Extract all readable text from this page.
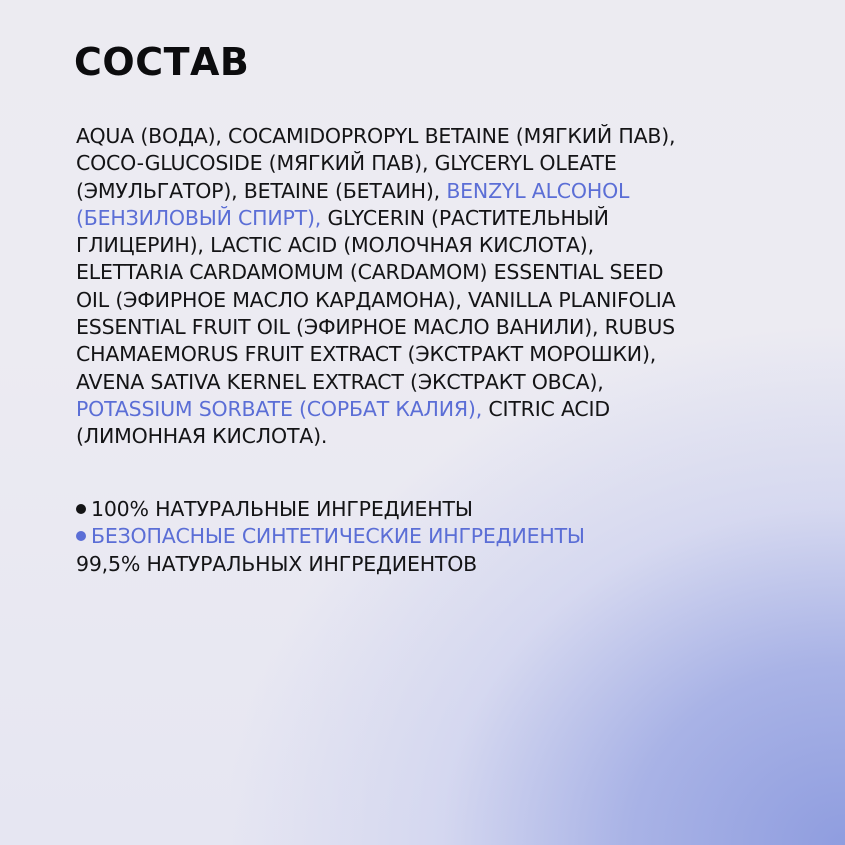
СОСТАВ
AQUA (ВОДА), COCAMIDOPROPYL BETAINE (МЯГКИЙ ПАВ), COCO-GLUCOSIDE (МЯГКИЙ ПАВ), GLYCERYL OLEATE (ЭМУЛЬГАТОР), BETAINE (БЕТАИН), BENZYL ALCOHOL (БЕНЗИЛОВЫЙ СПИРТ), GLYCERIN (РАСТИТЕЛЬНЫЙ ГЛИЦЕРИН), LACTIC ACID (МОЛОЧНАЯ КИСЛОТА), ELETTARIA CARDAMOMUM (CARDAMOM) ESSENTIAL SEED OIL (ЭФИРНОЕ МАСЛО КАРДАМОНА), VANILLA PLANIFOLIA ESSENTIAL FRUIT OIL (ЭФИРНОЕ МАСЛО ВАНИЛИ), RUBUS CHAMAEMORUS FRUIT EXTRACT (ЭКСТРАКТ МОРОШКИ), AVENA SATIVA KERNEL EXTRACT (ЭКСТРАКТ ОВСА), POTASSIUM SORBATE (СОРБАТ КАЛИЯ), CITRIC ACID (ЛИМОННАЯ КИСЛОТА).
100% НАТУРАЛЬНЫЕ ИНГРЕДИЕНТЫ
БЕЗОПАСНЫЕ СИНТЕТИЧЕСКИЕ ИНГРЕДИЕНТЫ
99,5% НАТУРАЛЬНЫХ ИНГРЕДИЕНТОВ
